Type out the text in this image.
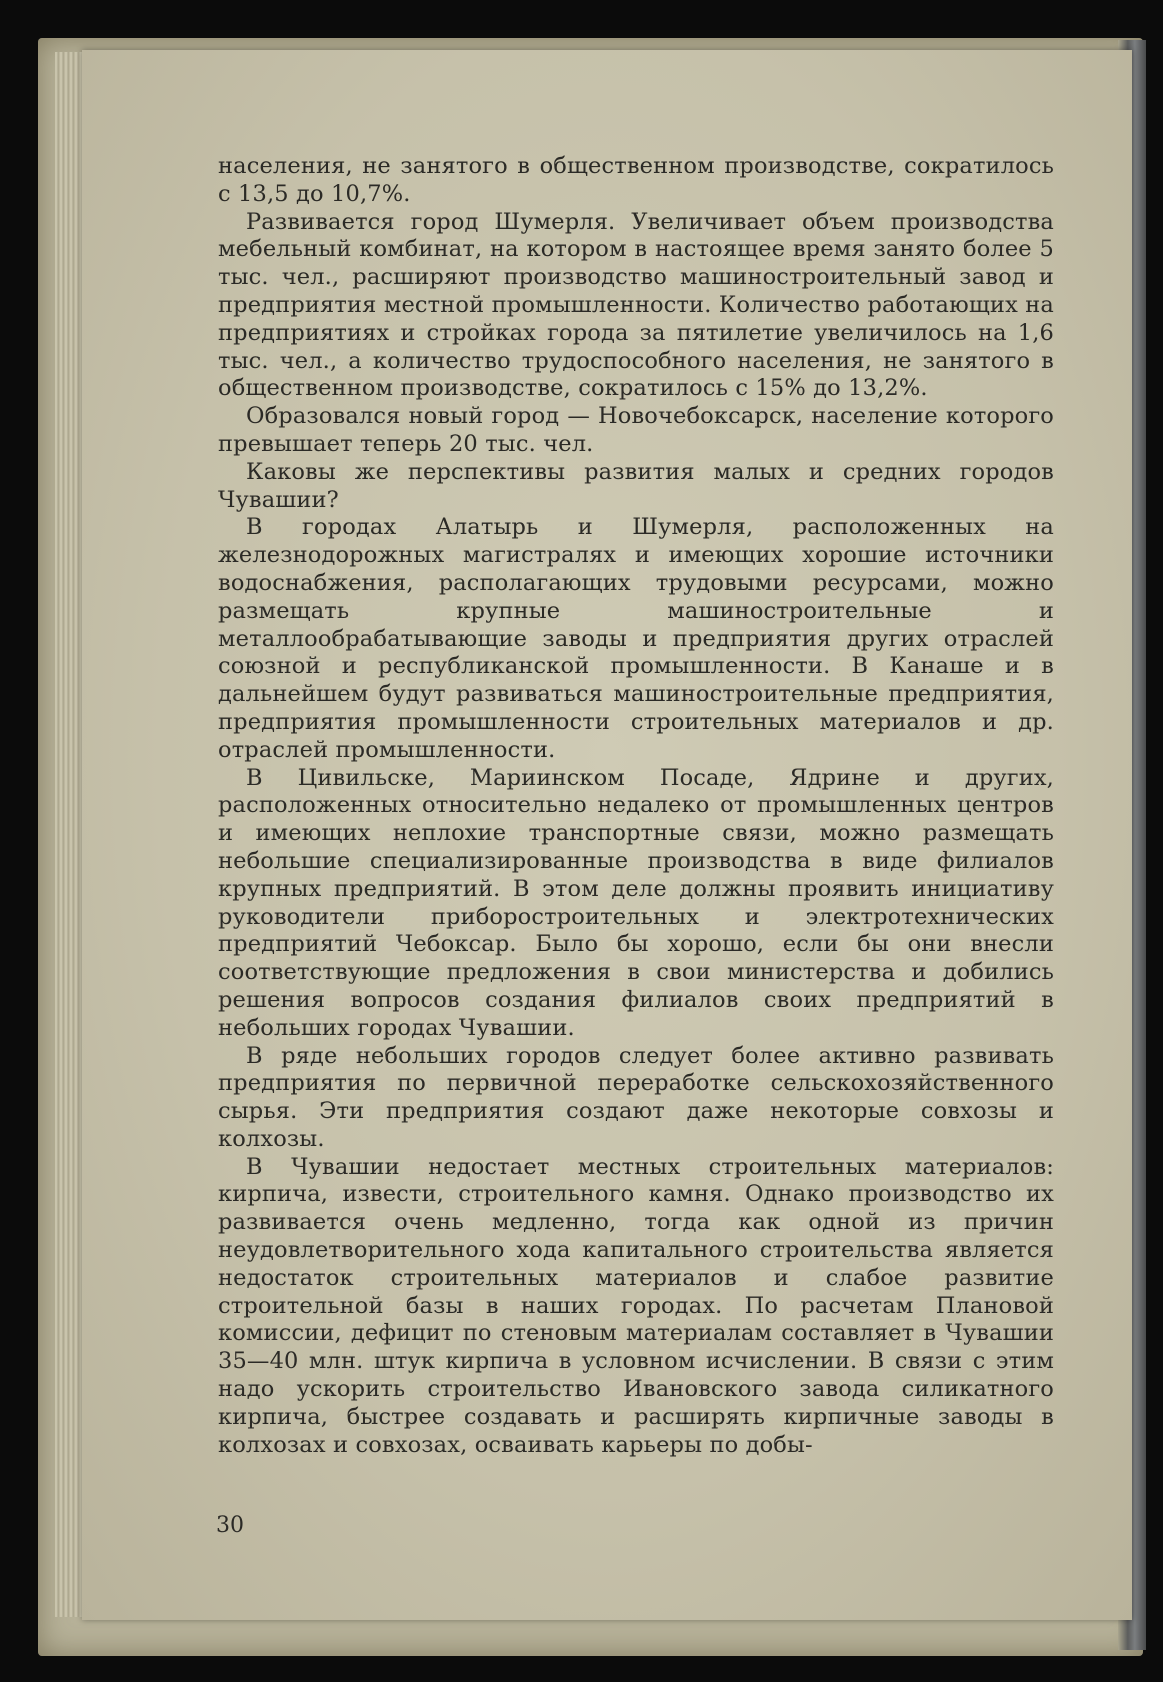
населения, не занятого в общественном производстве, сократилось с 13,5 до 10,7%.

Развивается город Шумерля. Увеличивает объем производства мебельный комбинат, на котором в настоящее время занято более 5 тыс. чел., расширяют производство машиностроительный завод и предприятия местной промышленности. Количество работающих на предприятиях и стройках города за пятилетие увеличилось на 1,6 тыс. чел., а количество трудоспособного населения, не занятого в общественном производстве, сократилось с 15% до 13,2%.

Образовался новый город — Новочебоксарск, население которого превышает теперь 20 тыс. чел.

Каковы же перспективы развития малых и средних городов Чувашии?

В городах Алатырь и Шумерля, расположенных на железнодорожных магистралях и имеющих хорошие источники водоснабжения, располагающих трудовыми ресурсами, можно размещать крупные машиностроительные и металлообрабатывающие заводы и предприятия других отраслей союзной и республиканской промышленности. В Канаше и в дальнейшем будут развиваться машиностроительные предприятия, предприятия промышленности строительных материалов и др. отраслей промышленности.

В Цивильске, Мариинском Посаде, Ядрине и других, расположенных относительно недалеко от промышленных центров и имеющих неплохие транспортные связи, можно размещать небольшие специализированные производства в виде филиалов крупных предприятий. В этом деле должны проявить инициативу руководители приборостроительных и электротехнических предприятий Чебоксар. Было бы хорошо, если бы они внесли соответствующие предложения в свои министерства и добились решения вопросов создания филиалов своих предприятий в небольших городах Чувашии.

В ряде небольших городов следует более активно развивать предприятия по первичной переработке сельскохозяйственного сырья. Эти предприятия создают даже некоторые совхозы и колхозы.

В Чувашии недостает местных строительных материалов: кирпича, извести, строительного камня. Однако производство их развивается очень медленно, тогда как одной из причин неудовлетворительного хода капитального строительства является недостаток строительных материалов и слабое развитие строительной базы в наших городах. По расчетам Плановой комиссии, дефицит по стеновым материалам составляет в Чувашии 35—40 млн. штук кирпича в условном исчислении. В связи с этим надо ускорить строительство Ивановского завода силикатного кирпича, быстрее создавать и расширять кирпичные заводы в колхозах и совхозах, осваивать карьеры по добы-

30
